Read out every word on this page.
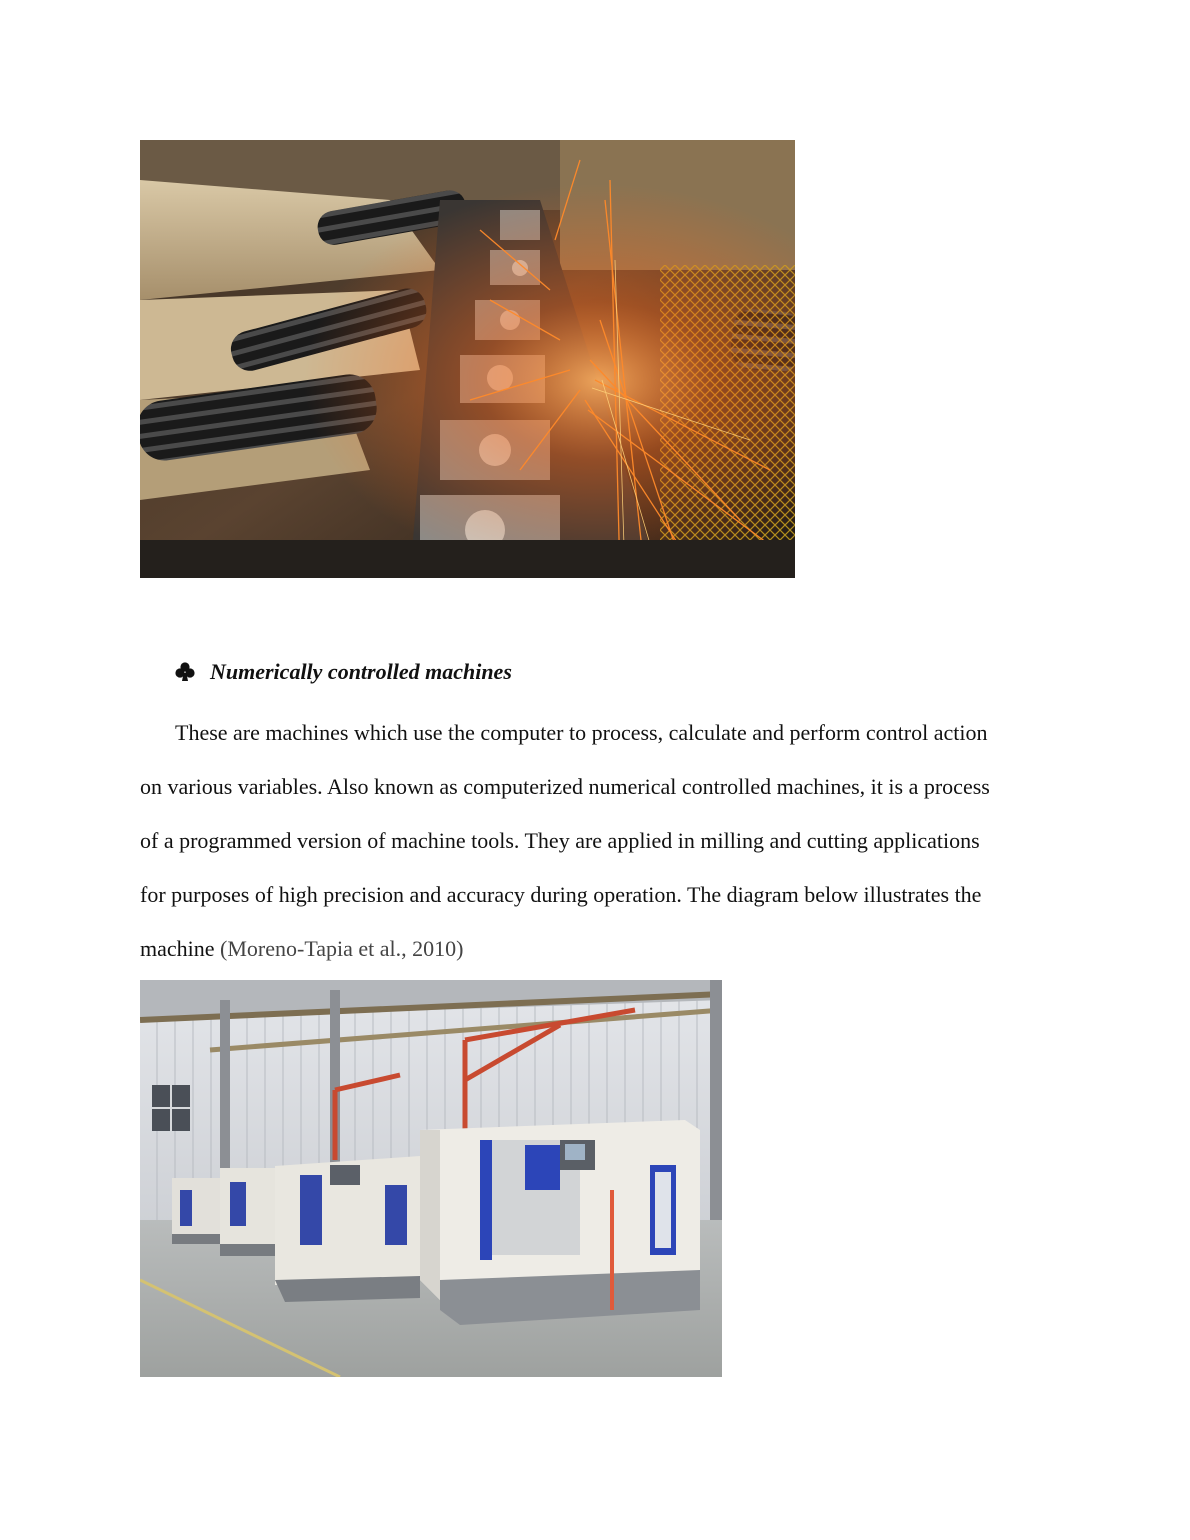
Numerically controlled machines
These are machines which use the computer to process, calculate and perform control action
on various variables. Also known as computerized numerical controlled machines, it is a process
of a programmed version of machine tools. They are applied in milling and cutting applications
for purposes of high precision and accuracy during operation. The diagram below illustrates the
machine (Moreno-Tapia et al., 2010)
